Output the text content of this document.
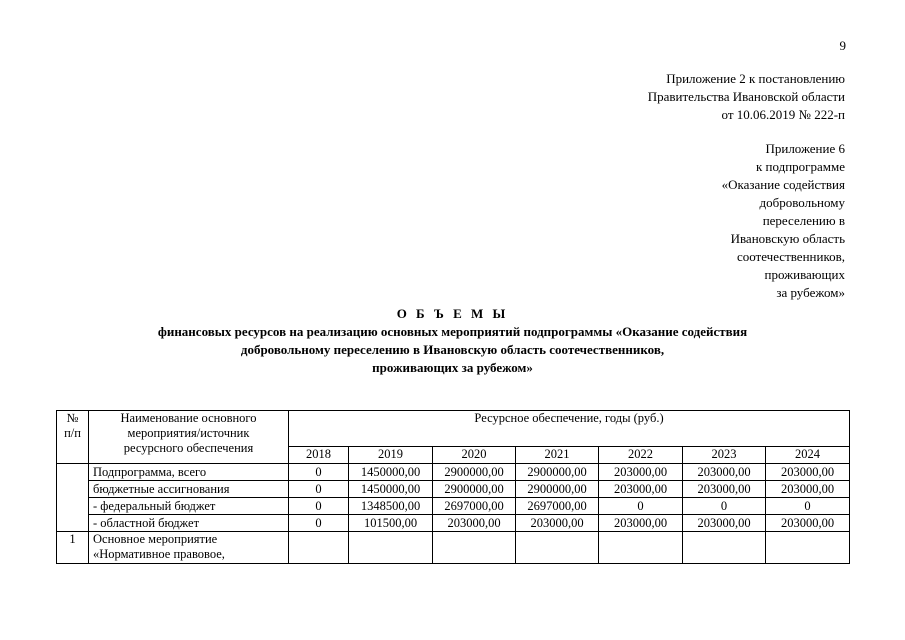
9
Приложение 2 к постановлению
Правительства Ивановской области
от 10.06.2019 № 222-п
Приложение 6
к подпрограмме
«Оказание содействия
добровольному
переселению в
Ивановскую область
соотечественников,
проживающих
за рубежом»
О Б Ъ Е М Ы
финансовых ресурсов на реализацию основных мероприятий подпрограммы «Оказание содействия
добровольному переселению в Ивановскую область соотечественников,
проживающих за рубежом»
№
п/п	Наименование основного
мероприятия/источник
ресурсного обеспечения	Ресурсное обеспечение, годы (руб.)						
		2018	2019	2020	2021	2022	2023	2024
	Подпрограмма, всего	0	1450000,00	2900000,00	2900000,00	203000,00	203000,00	203000,00
	бюджетные ассигнования	0	1450000,00	2900000,00	2900000,00	203000,00	203000,00	203000,00
	- федеральный бюджет	0	1348500,00	2697000,00	2697000,00	0	0	0
	- областной бюджет	0	101500,00	203000,00	203000,00	203000,00	203000,00	203000,00
1	Основное мероприятие
«Нормативное правовое,							
